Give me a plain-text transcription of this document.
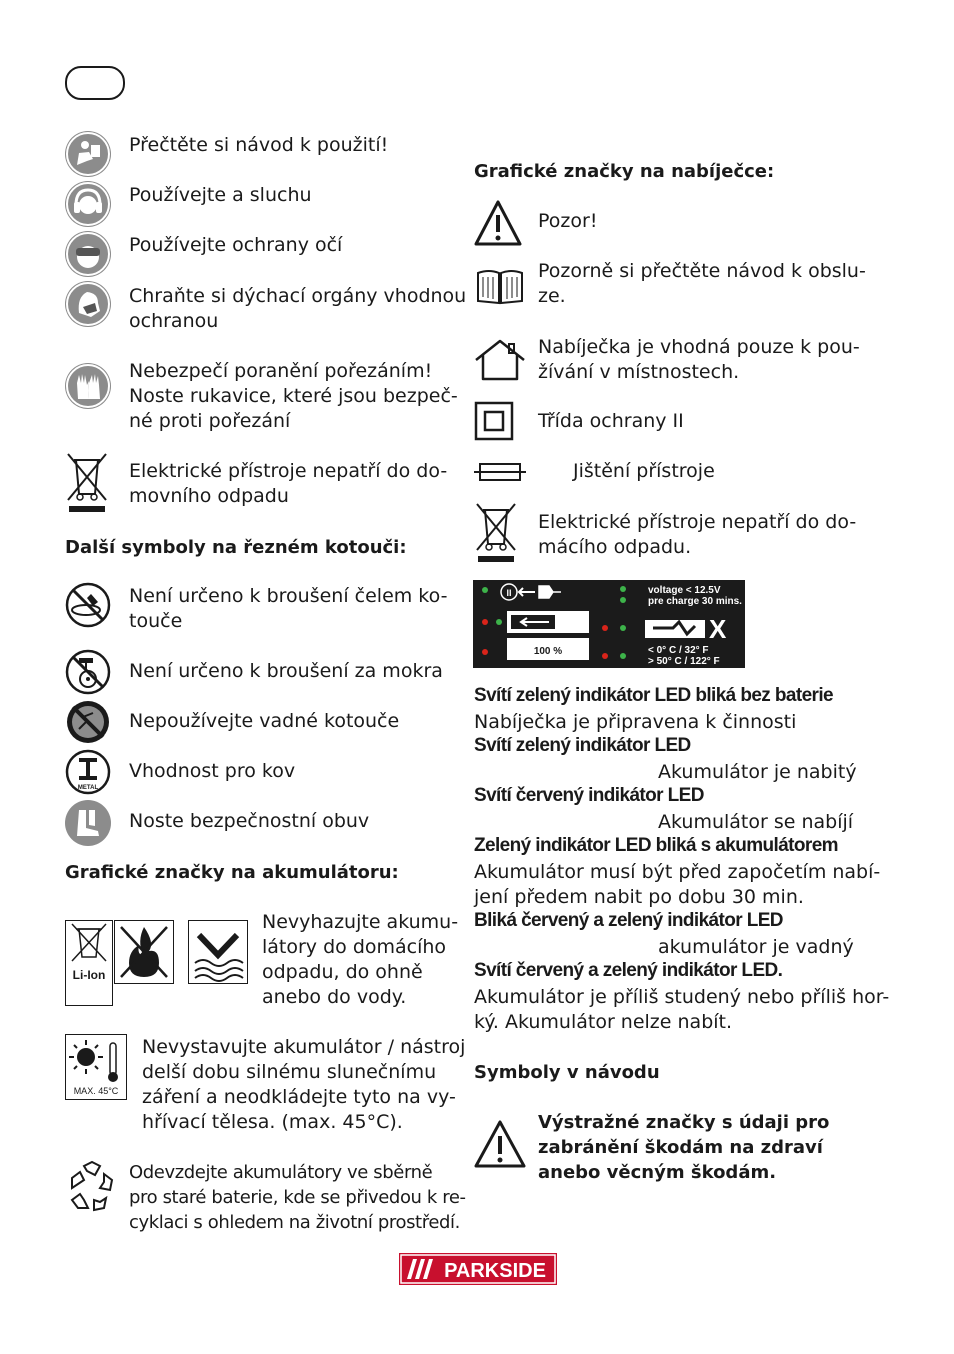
Přečtěte si návod k použití!
Používejte a sluchu
Používejte ochrany očí
Chraňte si dýchací orgány vhodnou
ochranou
Nebezpečí poranění pořezáním!
Noste rukavice, které jsou bezpeč-
né proti pořezání
Elektrické přístroje nepatří do do-
movního odpadu
Další symboly na řezném kotouči:
Není určeno k broušení čelem ko-
touče
Není určeno k broušení za mokra
Nepoužívejte vadné kotouče
METAL
Vhodnost pro kov
Noste bezpečnostní obuv
Grafické značky na akumulátoru:
Li-Ion
Nevyhazujte akumu-
látory do domácího
odpadu, do ohně
anebo do vody.
MAX. 45°C
Nevystavujte akumulátor / nástroj
delší dobu silnému slunečnímu
záření a neodkládejte tyto na vy-
hřívací tělesa. (max. 45°C).
Odevzdejte akumulátory ve sběrně
pro staré baterie, kde se přivedou k re-
cyklaci s ohledem na životní prostředí.
Grafické značky na nabíječce:
Pozor!
Pozorně si přečtěte návod k obslu-
ze.
Nabíječka je vhodná pouze k pou-
žívání v místnostech.
Třída ochrany II
Jištění přístroje
Elektrické přístroje nepatří do do-
mácího odpadu.
II	voltage < 12.5V
pre charge 30 mins.
X
100 %	< 0° C / 32° F
> 50° C / 122° F
Svítí zelený indikátor LED bliká bez baterie
Nabíječka je připravena k činnosti
Svítí zelený indikátor LED
Akumulátor je nabitý
Svítí červený indikátor LED
Akumulátor se nabíjí
Zelený indikátor LED bliká s akumulátorem
Akumulátor musí být před započetím nabí-
jení předem nabit po dobu 30 min.
Bliká červený a zelený indikátor LED
akumulátor je vadný
Svítí červený a zelený indikátor LED.
Akumulátor je příliš studený nebo příliš hor-
ký. Akumulátor nelze nabít.
Symboly v návodu
Výstražné značky s údaji pro
zabránění škodám na zdraví
anebo věcným škodám.
PARKSIDE
